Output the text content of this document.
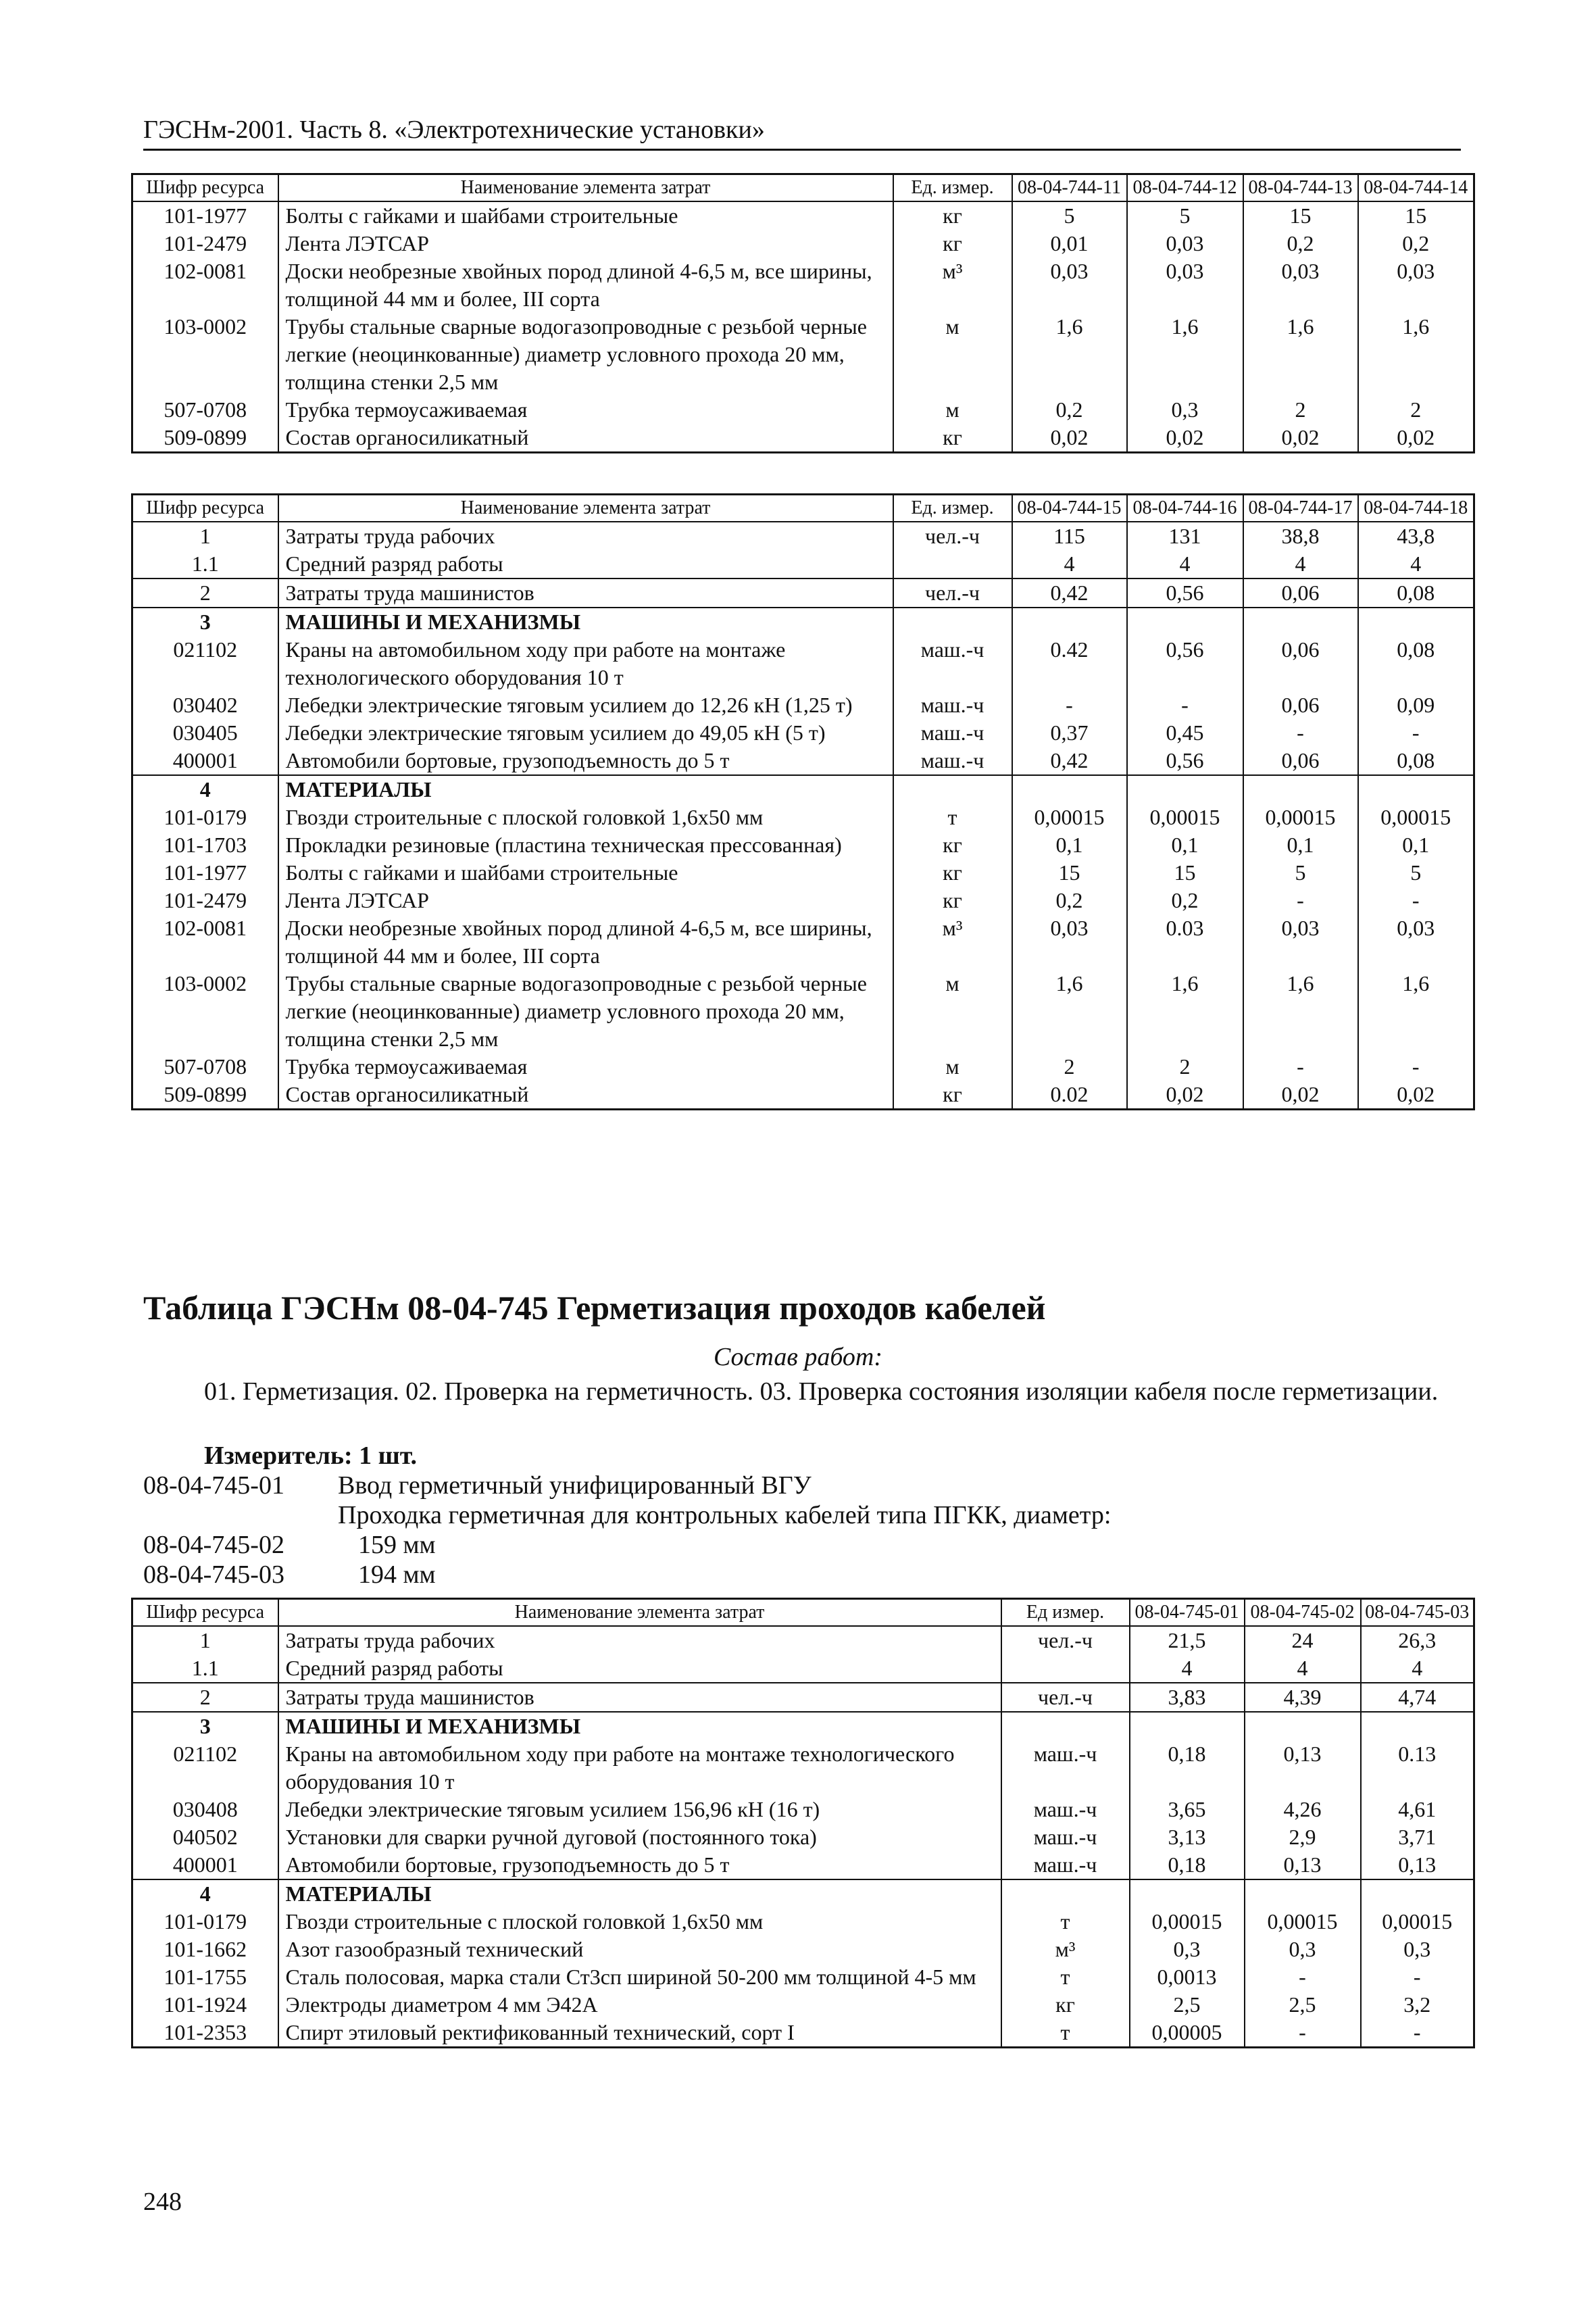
ГЭСНм-2001. Часть 8. «Электротехнические установки»
Шифр ресурса	Наименование элемента затрат	Ед. измер.	08-04-744-11	08-04-744-12	08-04-744-13	08-04-744-14
101-1977	Болты с гайками и шайбами строительные	кг	5	5	15	15
101-2479	Лента ЛЭТСАР	кг	0,01	0,03	0,2	0,2
102-0081	Доски необрезные хвойных пород длиной 4-6,5 м, все ширины, толщиной 44 мм и более, III сорта	м³	0,03	0,03	0,03	0,03
103-0002	Трубы стальные сварные водогазопроводные с резьбой черные легкие (неоцинкованные) диаметр условного прохода 20 мм, толщина стенки 2,5 мм	м	1,6	1,6	1,6	1,6
507-0708	Трубка термоусаживаемая	м	0,2	0,3	2	2
509-0899	Состав органосиликатный	кг	0,02	0,02	0,02	0,02
Шифр ресурса	Наименование элемента затрат	Ед. измер.	08-04-744-15	08-04-744-16	08-04-744-17	08-04-744-18
1	Затраты труда рабочих	чел.-ч	115	131	38,8	43,8
1.1	Средний разряд работы		4	4	4	4
2	Затраты труда машинистов	чел.-ч	0,42	0,56	0,06	0,08
3	МАШИНЫ И МЕХАНИЗМЫ					
021102	Краны на автомобильном ходу при работе на монтаже технологического оборудования 10 т	маш.-ч	0.42	0,56	0,06	0,08
030402	Лебедки электрические тяговым усилием до 12,26 кН (1,25 т)	маш.-ч	-	-	0,06	0,09
030405	Лебедки электрические тяговым усилием до 49,05 кН (5 т)	маш.-ч	0,37	0,45	-	-
400001	Автомобили бортовые, грузоподъемность до 5 т	маш.-ч	0,42	0,56	0,06	0,08
4	МАТЕРИАЛЫ					
101-0179	Гвозди строительные с плоской головкой 1,6х50 мм	т	0,00015	0,00015	0,00015	0,00015
101-1703	Прокладки резиновые (пластина техническая прессованная)	кг	0,1	0,1	0,1	0,1
101-1977	Болты с гайками и шайбами строительные	кг	15	15	5	5
101-2479	Лента ЛЭТСАР	кг	0,2	0,2	-	-
102-0081	Доски необрезные хвойных пород длиной 4-6,5 м, все ширины, толщиной 44 мм и более, III сорта	м³	0,03	0.03	0,03	0,03
103-0002	Трубы стальные сварные водогазопроводные с резьбой черные легкие (неоцинкованные) диаметр условного прохода 20 мм, толщина стенки 2,5 мм	м	1,6	1,6	1,6	1,6
507-0708	Трубка термоусаживаемая	м	2	2	-	-
509-0899	Состав органосиликатный	кг	0.02	0,02	0,02	0,02
Таблица ГЭСНм 08-04-745 Герметизация проходов кабелей
Состав работ:
01. Герметизация. 02. Проверка на герметичность. 03. Проверка состояния изоляции кабеля после герметизации.
Измеритель: 1 шт.
08-04-745-01 Ввод герметичный унифицированный ВГУ
Проходка герметичная для контрольных кабелей типа ПГКК, диаметр:
08-04-745-02	159 мм
08-04-745-03	194 мм
Шифр ресурса	Наименование элемента затрат	Ед измер.	08-04-745-01	08-04-745-02	08-04-745-03
1	Затраты труда рабочих	чел.-ч	21,5	24	26,3
1.1	Средний разряд работы		4	4	4
2	Затраты труда машинистов	чел.-ч	3,83	4,39	4,74
3	МАШИНЫ И МЕХАНИЗМЫ				
021102	Краны на автомобильном ходу при работе на монтаже технологического оборудования 10 т	маш.-ч	0,18	0,13	0.13
030408	Лебедки электрические тяговым усилием 156,96 кН (16 т)	маш.-ч	3,65	4,26	4,61
040502	Установки для сварки ручной дуговой (постоянного тока)	маш.-ч	3,13	2,9	3,71
400001	Автомобили бортовые, грузоподъемность до 5 т	маш.-ч	0,18	0,13	0,13
4	МАТЕРИАЛЫ				
101-0179	Гвозди строительные с плоской головкой 1,6х50 мм	т	0,00015	0,00015	0,00015
101-1662	Азот газообразный технический	м³	0,3	0,3	0,3
101-1755	Сталь полосовая, марка стали Ст3сп шириной 50-200 мм толщиной 4-5 мм	т	0,0013	-	-
101-1924	Электроды диаметром 4 мм Э42А	кг	2,5	2,5	3,2
101-2353	Спирт этиловый ректификованный технический, сорт I	т	0,00005	-	-
248
